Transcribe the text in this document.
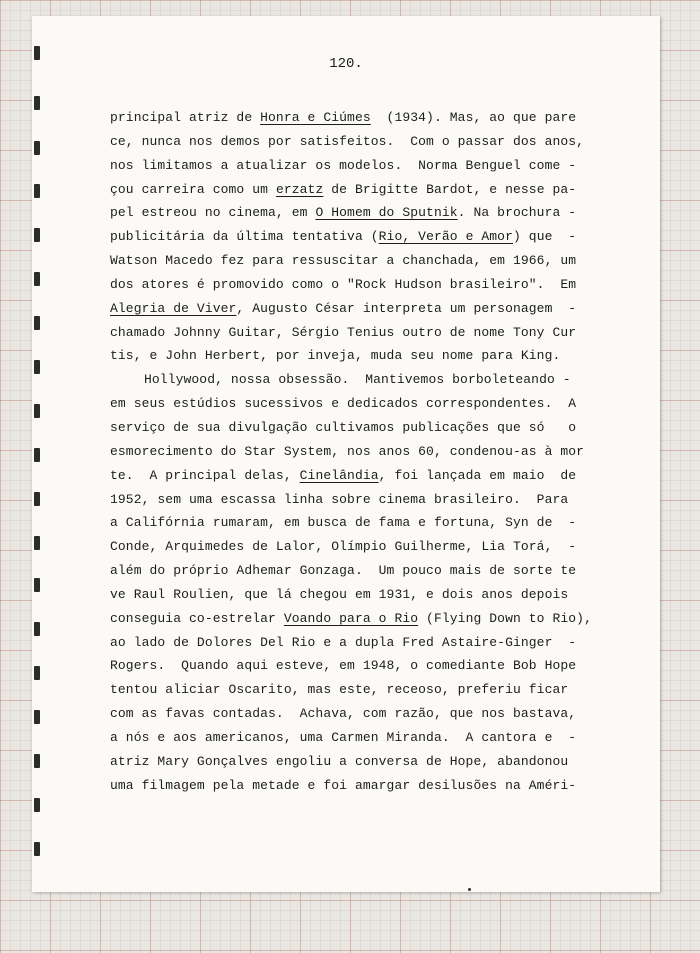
120.
principal atriz de Honra e Ciúmes  (1934). Mas, ao que pare
ce, nunca nos demos por satisfeitos.  Com o passar dos anos,
nos limitamos a atualizar os modelos.  Norma Benguel come -
çou carreira como um erzatz de Brigitte Bardot, e nesse pa-
pel estreou no cinema, em O Homem do Sputnik. Na brochura -
publicitária da última tentativa (Rio, Verão e Amor) que  -
Watson Macedo fez para ressuscitar a chanchada, em 1966, um
dos atores é promovido como o "Rock Hudson brasileiro".  Em
Alegria de Viver, Augusto César interpreta um personagem  -
chamado Johnny Guitar, Sérgio Tenius outro de nome Tony Cur
tis, e John Herbert, por inveja, muda seu nome para King.
Hollywood, nossa obsessão.  Mantivemos borboleteando -
em seus estúdios sucessivos e dedicados correspondentes.  A
serviço de sua divulgação cultivamos publicações que só   o
esmorecimento do Star System, nos anos 60, condenou-as à mor
te.  A principal delas, Cinelândia, foi lançada em maio  de
1952, sem uma escassa linha sobre cinema brasileiro.  Para
a Califórnia rumaram, em busca de fama e fortuna, Syn de  -
Conde, Arquimedes de Lalor, Olímpio Guilherme, Lia Torá,  -
além do próprio Adhemar Gonzaga.  Um pouco mais de sorte te
ve Raul Roulien, que lá chegou em 1931, e dois anos depois
conseguia co-estrelar Voando para o Rio (Flying Down to Rio),
ao lado de Dolores Del Rio e a dupla Fred Astaire-Ginger  -
Rogers.  Quando aqui esteve, em 1948, o comediante Bob Hope
tentou aliciar Oscarito, mas este, receoso, preferiu ficar
com as favas contadas.  Achava, com razão, que nos bastava,
a nós e aos americanos, uma Carmen Miranda.  A cantora e  -
atriz Mary Gonçalves engoliu a conversa de Hope, abandonou
uma filmagem pela metade e foi amargar desilusões na Améri-
